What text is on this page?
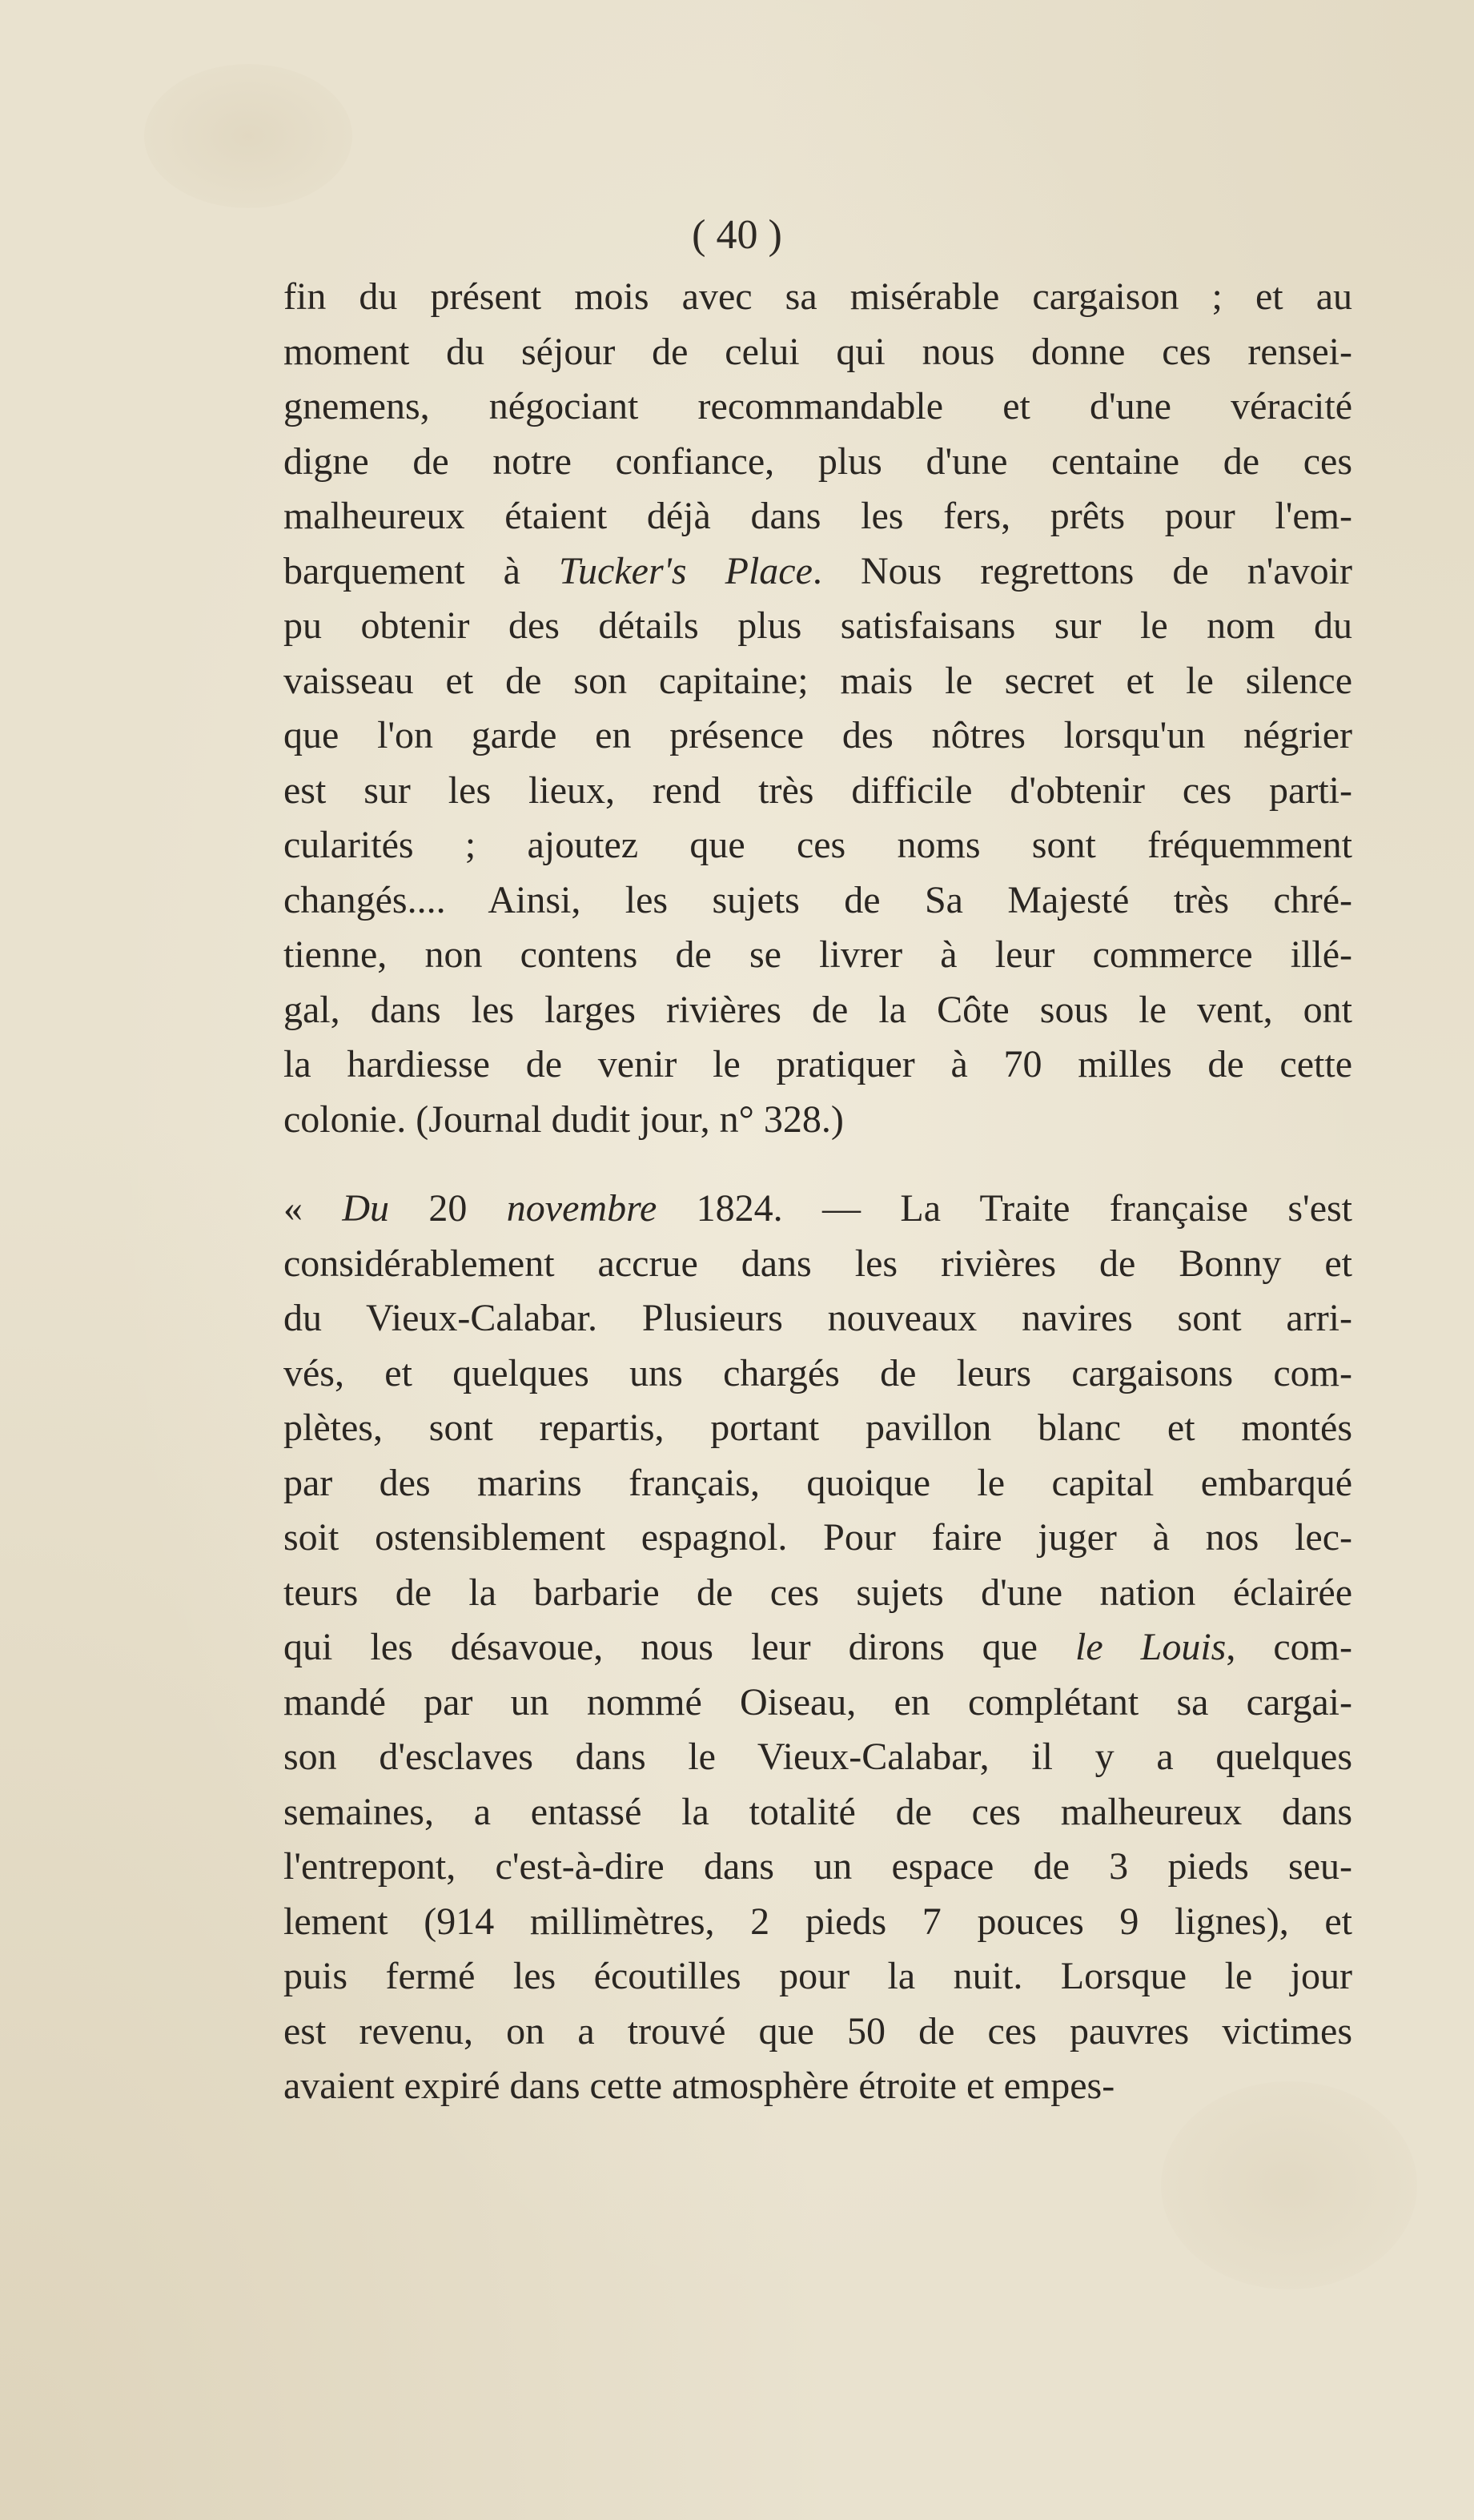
( 40 )
fin du présent mois avec sa misérable cargaison ; et au
moment du séjour de celui qui nous donne ces rensei-
gnemens, négociant recommandable et d'une véracité
digne de notre confiance, plus d'une centaine de ces
malheureux étaient déjà dans les fers, prêts pour l'em-
barquement à Tucker's Place. Nous regrettons de n'avoir
pu obtenir des détails plus satisfaisans sur le nom du
vaisseau et de son capitaine; mais le secret et le silence
que l'on garde en présence des nôtres lorsqu'un négrier
est sur les lieux, rend très difficile d'obtenir ces parti-
cularités ; ajoutez que ces noms sont fréquemment
changés.... Ainsi, les sujets de Sa Majesté très chré-
tienne, non contens de se livrer à leur commerce illé-
gal, dans les larges rivières de la Côte sous le vent, ont
la hardiesse de venir le pratiquer à 70 milles de cette
colonie. (Journal dudit jour, n° 328.)
« Du 20 novembre 1824. — La Traite française s'est
considérablement accrue dans les rivières de Bonny et
du Vieux-Calabar. Plusieurs nouveaux navires sont arri-
vés, et quelques uns chargés de leurs cargaisons com-
plètes, sont repartis, portant pavillon blanc et montés
par des marins français, quoique le capital embarqué
soit ostensiblement espagnol. Pour faire juger à nos lec-
teurs de la barbarie de ces sujets d'une nation éclairée
qui les désavoue, nous leur dirons que le Louis, com-
mandé par un nommé Oiseau, en complétant sa cargai-
son d'esclaves dans le Vieux-Calabar, il y a quelques
semaines, a entassé la totalité de ces malheureux dans
l'entrepont, c'est-à-dire dans un espace de 3 pieds seu-
lement (914 millimètres, 2 pieds 7 pouces 9 lignes), et
puis fermé les écoutilles pour la nuit. Lorsque le jour
est revenu, on a trouvé que 50 de ces pauvres victimes
avaient expiré dans cette atmosphère étroite et empes-
